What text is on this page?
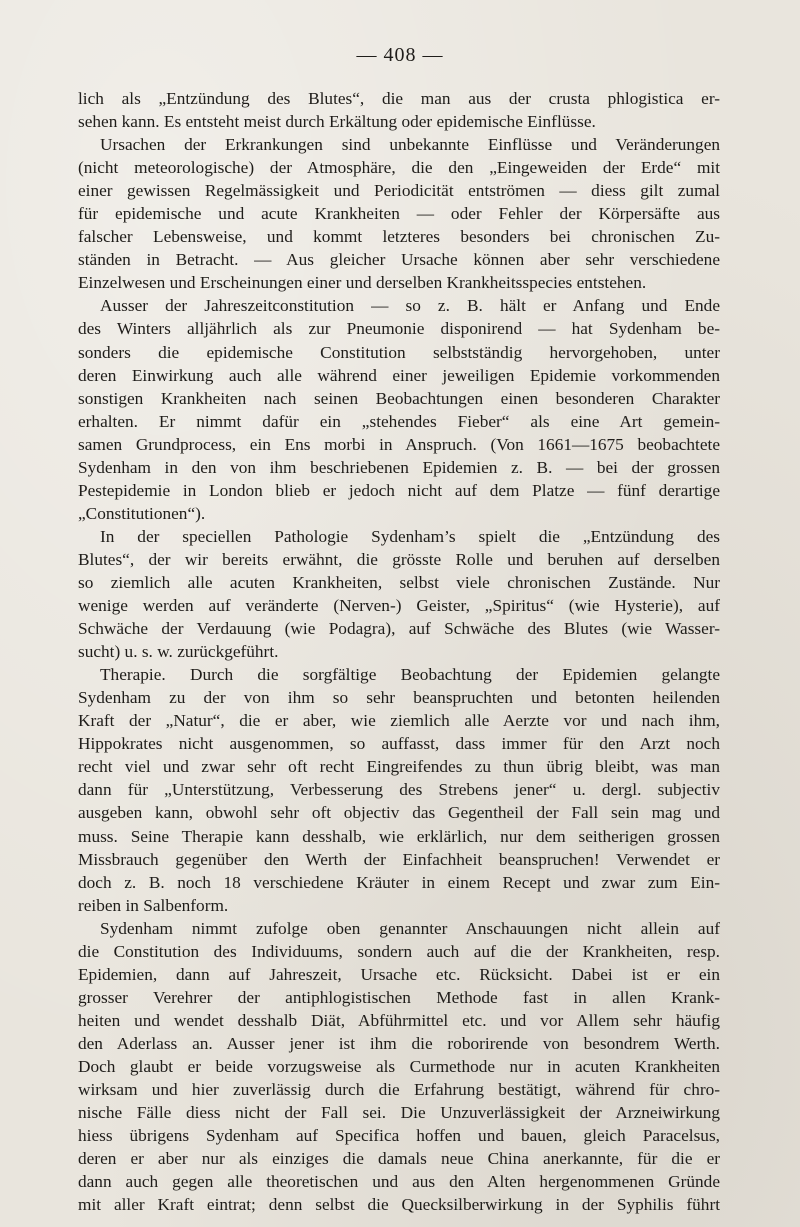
— 408 —
lich als „Entzündung des Blutes“, die man aus der crusta phlogistica er-
sehen kann. Es entsteht meist durch Erkältung oder epidemische Einflüsse.
Ursachen der Erkrankungen sind unbekannte Einflüsse und Veränderungen
(nicht meteorologische) der Atmosphäre, die den „Eingeweiden der Erde“ mit
einer gewissen Regelmässigkeit und Periodicität entströmen — diess gilt zumal
für epidemische und acute Krankheiten — oder Fehler der Körpersäfte aus
falscher Lebensweise, und kommt letzteres besonders bei chronischen Zu-
ständen in Betracht. — Aus gleicher Ursache können aber sehr verschiedene
Einzelwesen und Erscheinungen einer und derselben Krankheitsspecies entstehen.
Ausser der Jahreszeitconstitution — so z. B. hält er Anfang und Ende
des Winters alljährlich als zur Pneumonie disponirend — hat Sydenham be-
sonders die epidemische Constitution selbstständig hervorgehoben, unter
deren Einwirkung auch alle während einer jeweiligen Epidemie vorkommenden
sonstigen Krankheiten nach seinen Beobachtungen einen besonderen Charakter
erhalten. Er nimmt dafür ein „stehendes Fieber“ als eine Art gemein-
samen Grundprocess, ein Ens morbi in Anspruch. (Von 1661—1675 beobachtete
Sydenham in den von ihm beschriebenen Epidemien z. B. — bei der grossen
Pestepidemie in London blieb er jedoch nicht auf dem Platze — fünf derartige
„Constitutionen“).
In der speciellen Pathologie Sydenham’s spielt die „Entzündung des
Blutes“, der wir bereits erwähnt, die grösste Rolle und beruhen auf derselben
so ziemlich alle acuten Krankheiten, selbst viele chronischen Zustände. Nur
wenige werden auf veränderte (Nerven-) Geister, „Spiritus“ (wie Hysterie), auf
Schwäche der Verdauung (wie Podagra), auf Schwäche des Blutes (wie Wasser-
sucht) u. s. w. zurückgeführt.
Therapie. Durch die sorgfältige Beobachtung der Epidemien gelangte
Sydenham zu der von ihm so sehr beanspruchten und betonten heilenden
Kraft der „Natur“, die er aber, wie ziemlich alle Aerzte vor und nach ihm,
Hippokrates nicht ausgenommen, so auffasst, dass immer für den Arzt noch
recht viel und zwar sehr oft recht Eingreifendes zu thun übrig bleibt, was man
dann für „Unterstützung, Verbesserung des Strebens jener“ u. dergl. subjectiv
ausgeben kann, obwohl sehr oft objectiv das Gegentheil der Fall sein mag und
muss. Seine Therapie kann desshalb, wie erklärlich, nur dem seitherigen grossen
Missbrauch gegenüber den Werth der Einfachheit beanspruchen! Verwendet er
doch z. B. noch 18 verschiedene Kräuter in einem Recept und zwar zum Ein-
reiben in Salbenform.
Sydenham nimmt zufolge oben genannter Anschauungen nicht allein auf
die Constitution des Individuums, sondern auch auf die der Krankheiten, resp.
Epidemien, dann auf Jahreszeit, Ursache etc. Rücksicht. Dabei ist er ein
grosser Verehrer der antiphlogistischen Methode fast in allen Krank-
heiten und wendet desshalb Diät, Abführmittel etc. und vor Allem sehr häufig
den Aderlass an. Ausser jener ist ihm die roborirende von besondrem Werth.
Doch glaubt er beide vorzugsweise als Curmethode nur in acuten Krankheiten
wirksam und hier zuverlässig durch die Erfahrung bestätigt, während für chro-
nische Fälle diess nicht der Fall sei. Die Unzuverlässigkeit der Arzneiwirkung
hiess übrigens Sydenham auf Specifica hoffen und bauen, gleich Paracelsus,
deren er aber nur als einziges die damals neue China anerkannte, für die er
dann auch gegen alle theoretischen und aus den Alten hergenommenen Gründe
mit aller Kraft eintrat; denn selbst die Quecksilberwirkung in der Syphilis führt
